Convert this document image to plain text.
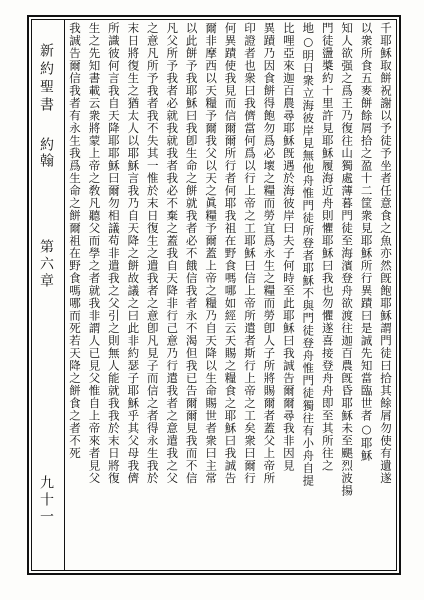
新約聖書
約翰
第六章
九十一
千耶穌取餅祝謝以予徒予坐者任意食之魚亦然旣飽耶穌謂門徒曰拾其餘屑勿使有遺遂
以衆所食五麥餅餘屑拾之盈十二筐衆見耶穌所行異蹟曰是誠先知當臨世者○耶穌
知人欲强之爲王乃復往山獨處薄暮門徒至海濱登舟欲渡往迦百農旣昏耶穌未至颶烈波揚
門徒盪槳約十里許見耶穌履海近舟則懼耶穌曰我也勿懼遂喜接登舟舟即至其所往之
地○明日衆立海彼岸見無他舟惟門徒所登者耶穌不與門徒登舟惟門徒獨往有小舟自提
比哩亞來迦百農尋耶穌旣遇於海彼岸曰夫子何時至此耶穌曰我誠告爾爾尋我非因見
異蹟乃因食餅得飽勿爲必壞之糧而勞宜爲永生之糧而勞卽人子所將賜爾者蓋父上帝所
印證者也衆曰我儕當何爲以行上帝之工耶穌曰信上帝所遣者斯行上帝之工矣衆曰爾行
何異蹟使我見而信爾爾所行者何耶我祖在野食嗎哪如經云天賜之糧食之耶穌曰我誠告
爾非摩西以天糧予爾我父以天之眞糧予爾蓋上帝之糧乃自天降以生命賜世者衆曰主常
以此餅予我耶穌曰我卽生命之餅就我者必不餓信我者永不渴但我已告爾爾見我而不信
凡父所予我者必就我就我者我必不棄之蓋我自天降非行己意乃行遣我者之意遣我之父
之意凡所予我者我不失其一惟於末日復生之遣我者之意卽凡見子而信之者得永生我於
末日將復生之猶太人以耶穌言我乃自天降之餅故議之曰此非約瑟子耶穌乎其父母我儕
所識彼何言我自天降耶耶穌曰爾勿相議苟非遣我之父引之則無人能就我我於末日將復
生之先知書載云衆將蒙上帝之敎凡聽父而學之者就我非謂人已見父惟自上帝來者見父
我誠告爾信我者有永生我爲生命之餅爾祖在野食嗎哪而死若天降之餅食之者不死
